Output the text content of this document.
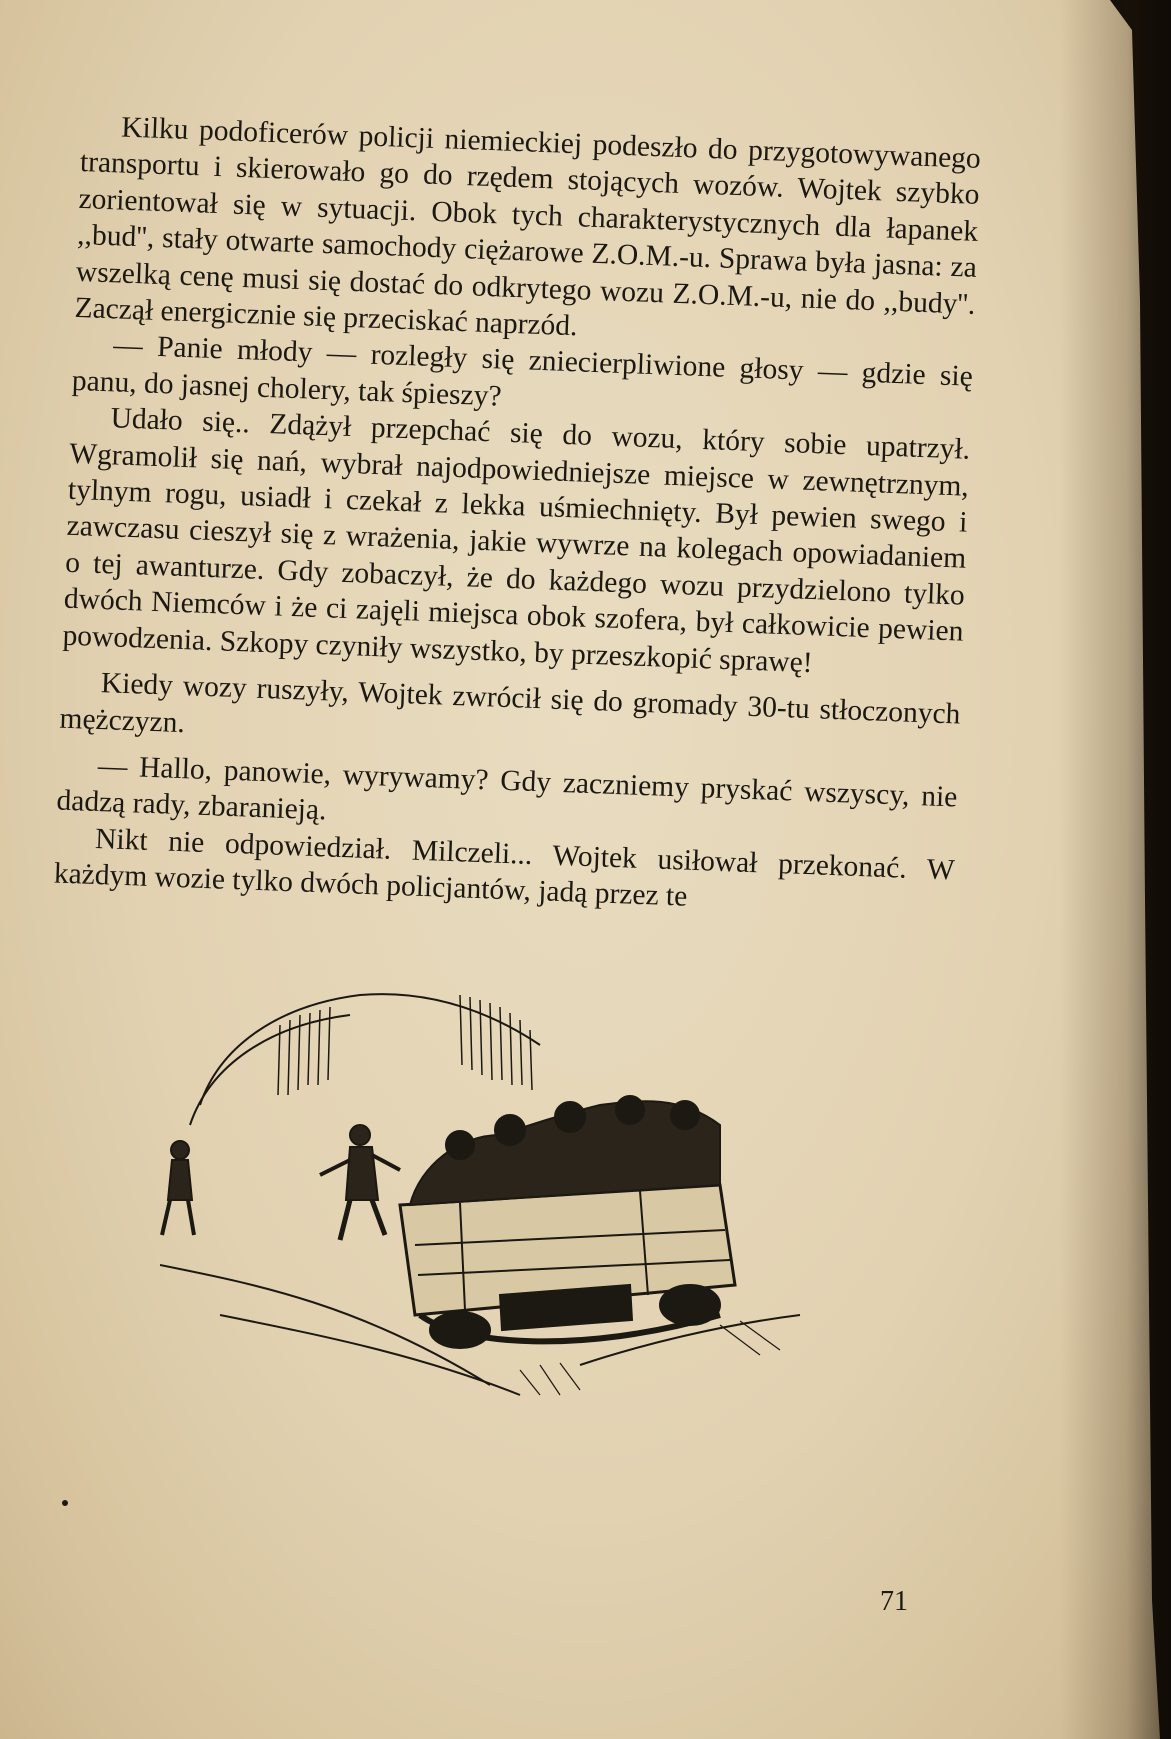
Kilku podoficerów policji niemieckiej podeszło do przygotowywanego transportu i skierowało go do rzędem stojących wozów. Wojtek szybko zorientował się w sytuacji. Obok tych charakterystycznych dla łapanek ,,bud'', stały otwarte samochody ciężarowe Z.O.M.-u. Sprawa była jasna: za wszelką cenę musi się dostać do odkrytego wozu Z.O.M.-u, nie do ,,budy''. Zaczął energicznie się przeciskać naprzód.

— Panie młody — rozległy się zniecierpliwione głosy — gdzie się panu, do jasnej cholery, tak śpieszy?

Udało się.. Zdążył przepchać się do wozu, który sobie upatrzył. Wgramolił się nań, wybrał najodpowiedniejsze miejsce w zewnętrznym, tylnym rogu, usiadł i czekał z lekka uśmiechnięty. Był pewien swego i zawczasu cieszył się z wrażenia, jakie wywrze na kolegach opowiadaniem o tej awanturze. Gdy zobaczył, że do każdego wozu przydzielono tylko dwóch Niemców i że ci zajęli miejsca obok szofera, był całkowicie pewien powodzenia. Szkopy czyniły wszystko, by przeszkopić sprawę!

Kiedy wozy ruszyły, Wojtek zwrócił się do gromady 30-tu stłoczonych mężczyzn.

— Hallo, panowie, wyrywamy? Gdy zaczniemy pryskać wszyscy, nie dadzą rady, zbaranieją.

Nikt nie odpowiedział. Milczeli... Wojtek usiłował przekonać. W każdym wozie tylko dwóch policjantów, jadą przez te

71
